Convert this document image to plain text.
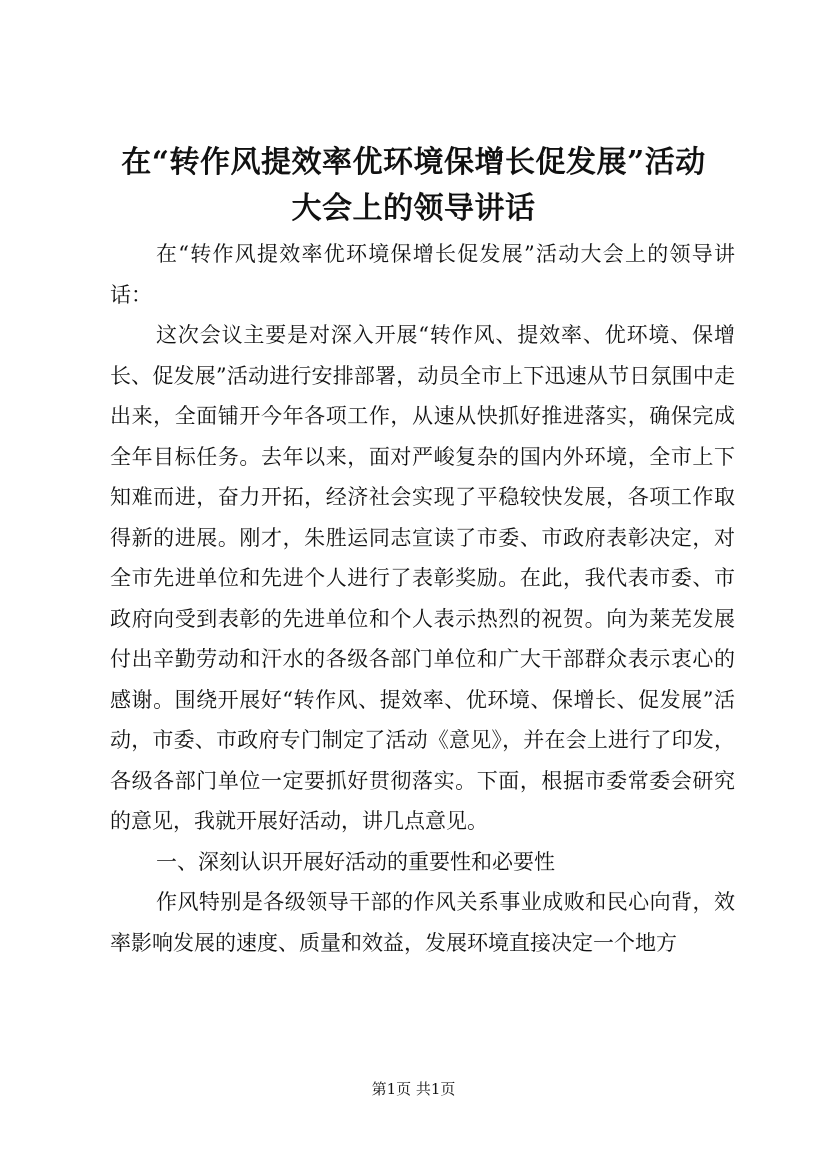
在“转作风提效率优环境保增长促发展”活动
大会上的领导讲话

在“转作风提效率优环境保增长促发展”活动大会上的领导讲话：

这次会议主要是对深入开展“转作风、提效率、优环境、保增长、促发展”活动进行安排部署，动员全市上下迅速从节日氛围中走出来，全面铺开今年各项工作，从速从快抓好推进落实，确保完成全年目标任务。去年以来，面对严峻复杂的国内外环境，全市上下知难而进，奋力开拓，经济社会实现了平稳较快发展，各项工作取得新的进展。刚才，朱胜运同志宣读了市委、市政府表彰决定，对全市先进单位和先进个人进行了表彰奖励。在此，我代表市委、市政府向受到表彰的先进单位和个人表示热烈的祝贺。向为莱芜发展付出辛勤劳动和汗水的各级各部门单位和广大干部群众表示衷心的感谢。围绕开展好“转作风、提效率、优环境、保增长、促发展”活动，市委、市政府专门制定了活动《意见》，并在会上进行了印发，各级各部门单位一定要抓好贯彻落实。下面，根据市委常委会研究的意见，我就开展好活动，讲几点意见。

一、深刻认识开展好活动的重要性和必要性

作风特别是各级领导干部的作风关系事业成败和民心向背，效率影响发展的速度、质量和效益，发展环境直接决定一个地方

第1页 共1页
